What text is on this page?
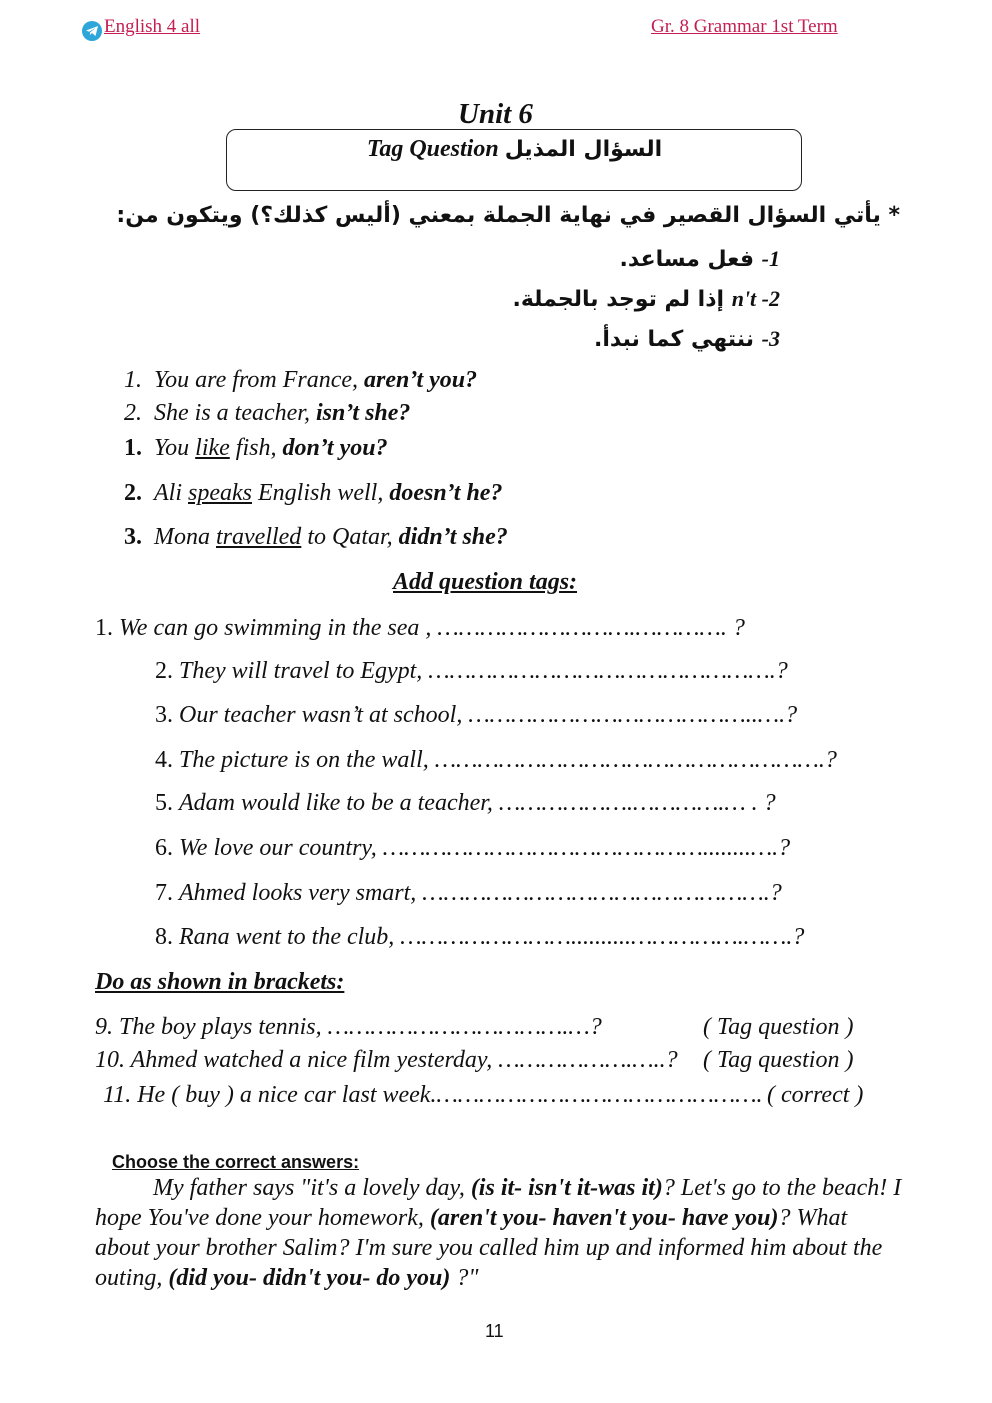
English 4 all	Gr. 8 Grammar 1st Term
Unit 6
Tag Question السؤال المذيل
* يأتي السؤال القصير في نهاية الجملة بمعني (أليس كذلك؟) ويتكون من:
1- فعل مساعد.
n't -2 إذا لم توجد بالجملة.
3- ننتهي كما نبدأ.
1. You are from France, aren’t you?
2. She is a teacher, isn’t she?
1. You like fish, don’t you?
2. Ali speaks English well, doesn’t he?
3. Mona travelled to Qatar, didn’t she?
Add question tags:
1. We can go swimming in the sea , ……………………….…………. ?
2. They will travel to Egypt, ………………………………………….?
3. Our teacher wasn’t at school, …………………………………..….?
4. The picture is on the wall, ……………………………………………….?
5. Adam would like to be a teacher, ……………….………….… . ?
6. We love our country, ………………………………………........….?
7. Ahmed looks very smart, ………………………………………….?
8. Rana went to the club, ……………………..........…………….…….?
Do as shown in brackets:
9. The boy plays tennis, …………………………….…?	( Tag question )
10. Ahmed watched a nice film yesterday, ……………….…..? ( Tag question )
11. He ( buy ) a nice car last week.………………………………………. ( correct )
Choose the correct answers:
My father says "it's a lovely day, (is it- isn't it-was it)? Let's go to the beach! I hope You've done your homework, (aren't you- haven't you- have you)? What about your brother Salim? I'm sure you called him up and informed him about the outing, (did you- didn't you- do you) ?"
11
